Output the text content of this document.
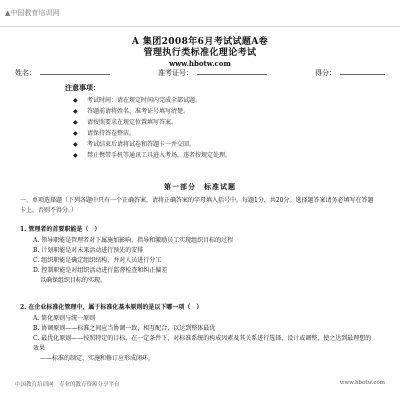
▲中国教育培训网
A 集团2008年6月考试试题A卷
管理执行类标准化理论考试
www.hbotw.com
姓名：	准考证号：	得分：
注意事项：
◆ 考试时间：请在规定时间内完成全部试题。
◆ 答题前请将姓名、准考证号填写清楚。
◆ 请按照要求在规定位置填写答案。
◆ 请保持答卷整洁。
◆ 考试结束后请将试卷和答题卡一并交回。
◆ 禁止携带手机等通讯工具进入考场，违者按规定处理。
第一部分　标准试题
一、单项选择题（下列各题中只有一个正确答案，请将正确答案的字母填入括号中。每题1分，共20分。选择题答案请务必填写在答题卡上，否则不得分。）
1. 管理者的首要职能是（　）
A. 领导职能是管理者对下属施加影响，指导和激励员工实现组织目标的过程
B. 计划职能是对未来活动进行预先的安排
C. 组织职能是确定组织结构，并对人员进行分工
D. 控制职能是对组织活动进行监督检查和纠正偏差
以确保组织目标的实现。
2. 在企业标准化管理中，属于标准化基本原则的是以下哪一项（　）
A. 简化原则与统一原则
B. 协调原则——标准之间应当协调一致，相互配合，以达到整体最优
C. 最优化原则——按照特定的目标，在一定条件下，对标准系统的构成因素及其关系进行选择、设计或调整，使之达到最理想的效果
——标准的制定、实施和修订应形成闭环。
中国教育培训网　专业的教育资源分享平台	www.hbotw.com
